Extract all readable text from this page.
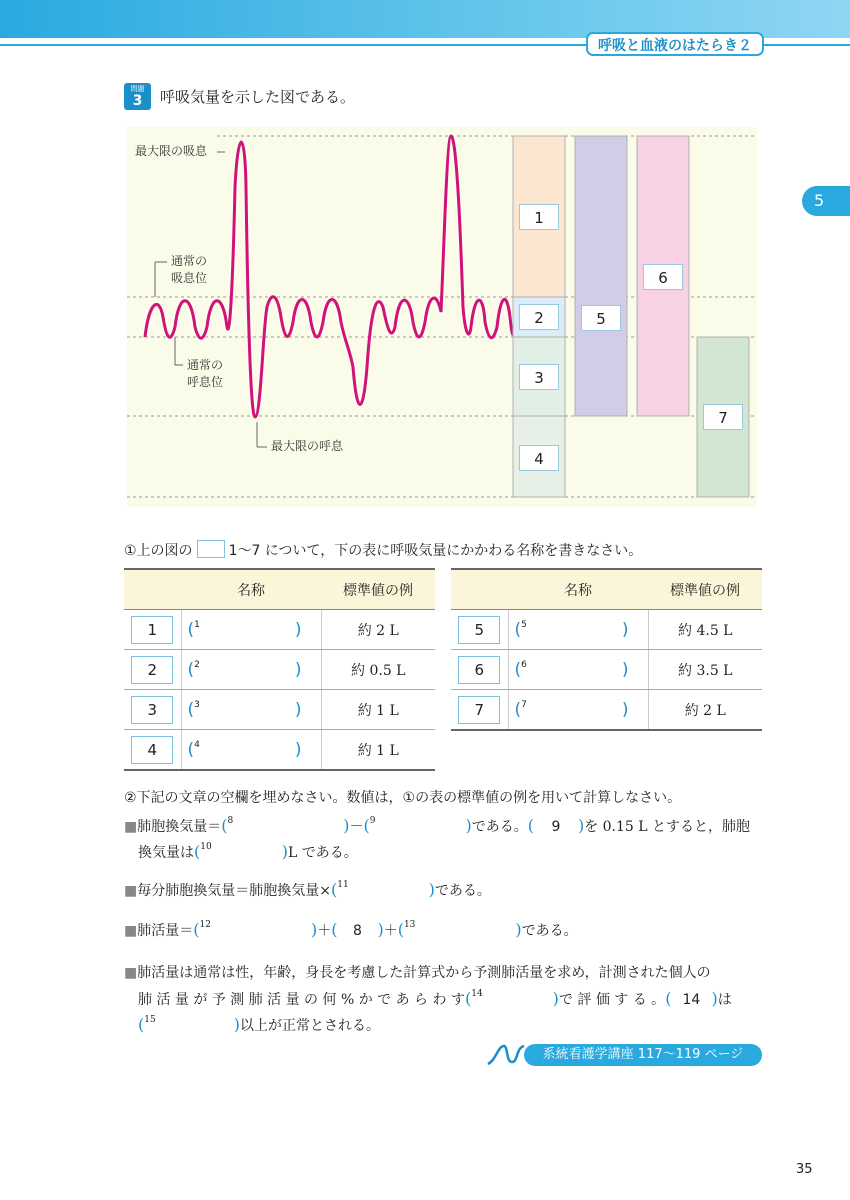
呼吸と血液のはたらき２
5
問題
3	呼吸気量を示した図である。
最大限の吸息
通常の
吸息位
通常の
呼息位
最大限の呼息
1
2
3
4
5
6
7
①上の図の	1～7 について，下の表に呼吸気量にかかわる名称を書きなさい。
	名称	標準値の例
1	($^1$ )	約 2 L
2	($^2$ )	約 0.5 L
3	($^3$ )	約 1 L
4	($^4$ )	約 1 L
	名称	標準値の例
5	($^5$ )	約 4.5 L
6	($^6$ )	約 3.5 L
7	($^7$ )	約 2 L
②下記の文章の空欄を埋めなさい。数値は，①の表の標準値の例を用いて計算しなさい。
■肺胞換気量＝($^8$	)－($^9$	)である。( 9 )を 0.15 L とすると，肺胞
換気量は($^{10}$	)L である。
■毎分肺胞換気量＝肺胞換気量×($^{11}$	)である。
■肺活量＝($^{12}$	)＋( 8 )＋($^{13}$	)である。
■肺活量は通常は性，年齢，身長を考慮した計算式から予測肺活量を求め，計測された個人の
肺 活 量 が 予 測 肺 活 量 の 何 % か で あ ら わ す($^{14}$	)で 評 価 す る 。( 14 )は
($^{15}$	)以上が正常とされる。
系統看護学講座 117～119 ページ
35
